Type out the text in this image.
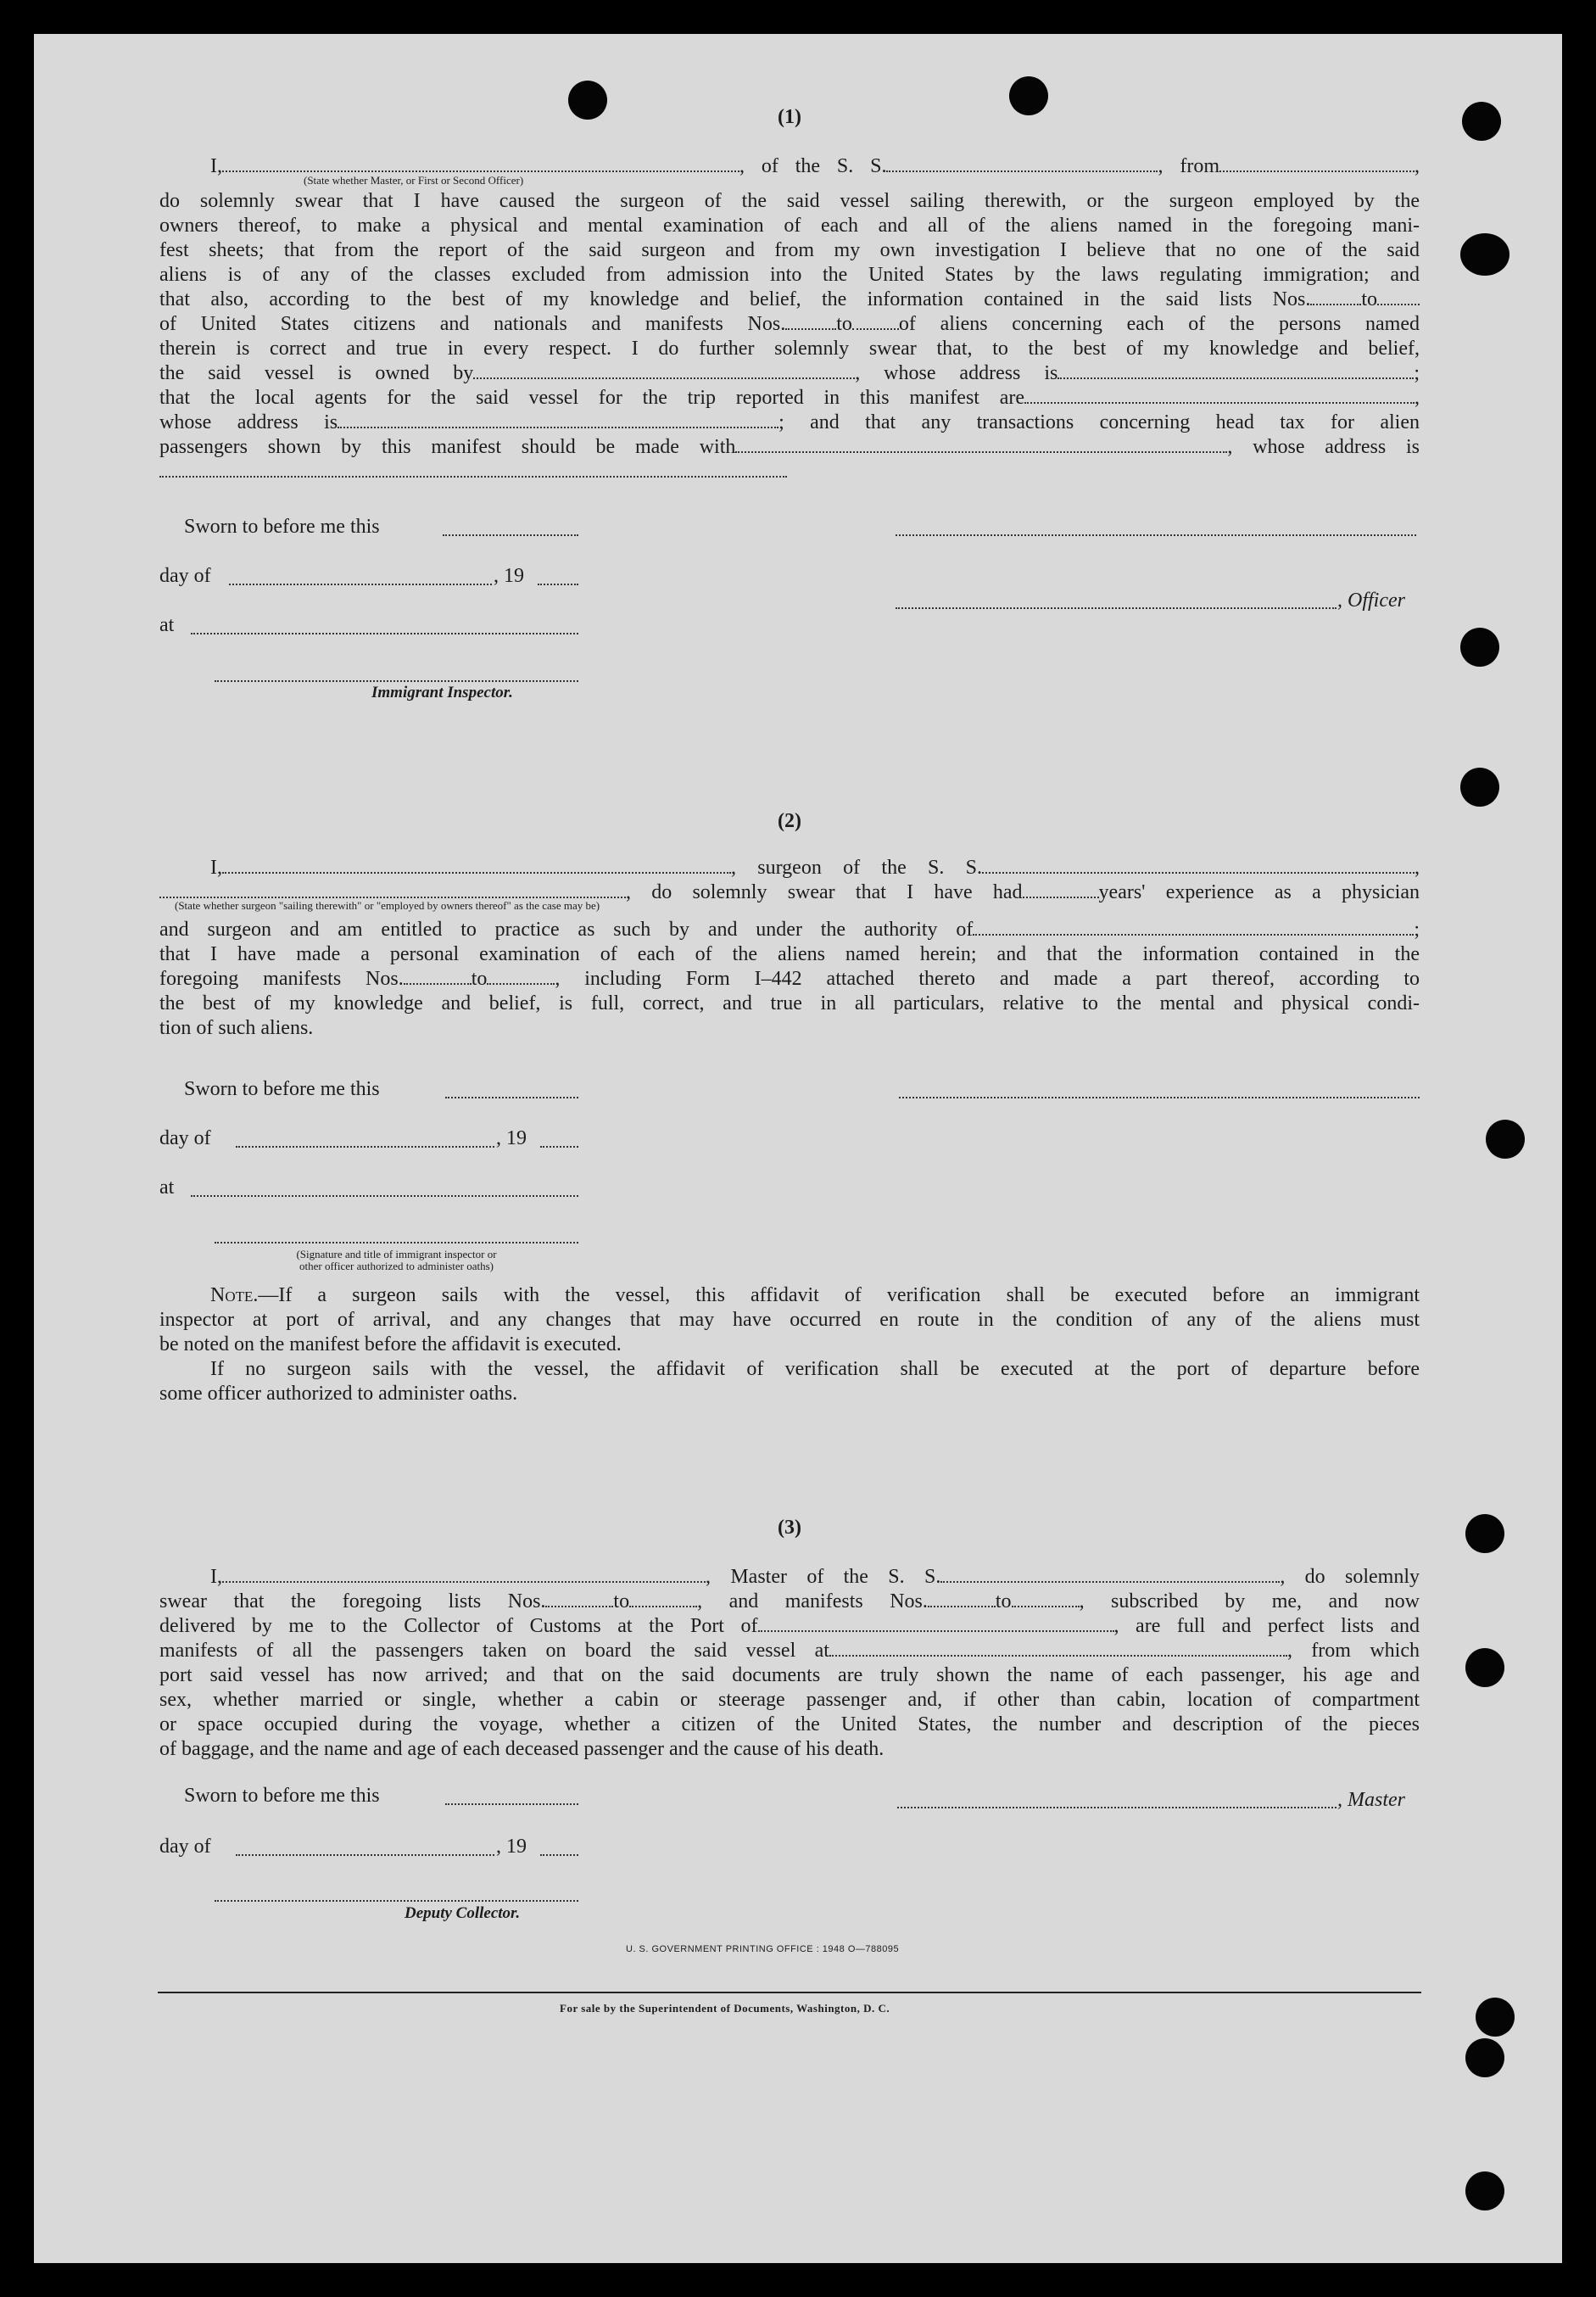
(1)

I,	, of the S. S.	, from	,

(State whether Master, or First or Second Officer)

do solemnly swear that I have caused the surgeon of the said vessel sailing therewith, or the surgeon employed by the

owners thereof, to make a physical and mental examination of each and all of the aliens named in the foregoing mani-

fest sheets; that from the report of the said surgeon and from my own investigation I believe that no one of the said

aliens is of any of the classes excluded from admission into the United States by the laws regulating immigration; and

that also, according to the best of my knowledge and belief, the information contained in the said lists Nos.	to

of United States citizens and nationals and manifests Nos.	to of aliens concerning each of the persons named

therein is correct and true in every respect. I do further solemnly swear that, to the best of my knowledge and belief,

the said vessel is owned by	, whose address is	;

that the local agents for the said vessel for the trip reported in this manifest are	,

whose address is	; and that any transactions concerning head tax for alien

passengers shown by this manifest should be made with	, whose address is

Sworn to before me this
day of	, 19
at
Immigrant Inspector.
, Officer
(2)

I,	, surgeon of the S. S.	,

, do solemnly swear that I have had	years' experience as a physician

(State whether surgeon "sailing therewith" or "employed by owners thereof" as the case may be)

and surgeon and am entitled to practice as such by and under the authority of	;

that I have made a personal examination of each of the aliens named herein; and that the information contained in the

foregoing manifests Nos.	to	, including Form I–442 attached thereto and made a part thereof, according to

the best of my knowledge and belief, is full, correct, and true in all particulars, relative to the mental and physical condi-

tion of such aliens.

Sworn to before me this
day of	, 19
at
(Signature and title of immigrant inspector or
other officer authorized to administer oaths)

Note.—If a surgeon sails with the vessel, this affidavit of verification shall be executed before an immigrant

inspector at port of arrival, and any changes that may have occurred en route in the condition of any of the aliens must

be noted on the manifest before the affidavit is executed.

If no surgeon sails with the vessel, the affidavit of verification shall be executed at the port of departure before

some officer authorized to administer oaths.

(3)

I,	, Master of the S. S.	, do solemnly

swear that the foregoing lists Nos.	to	, and manifests Nos.	to	, subscribed by me, and now

delivered by me to the Collector of Customs at the Port of	, are full and perfect lists and

manifests of all the passengers taken on board the said vessel at	, from which

port said vessel has now arrived; and that on the said documents are truly shown the name of each passenger, his age and

sex, whether married or single, whether a cabin or steerage passenger and, if other than cabin, location of compartment

or space occupied during the voyage, whether a citizen of the United States, the number and description of the pieces

of baggage, and the name and age of each deceased passenger and the cause of his death.

Sworn to before me this
day of	, 19
Deputy Collector.
, Master
U. S. GOVERNMENT PRINTING OFFICE : 1948 O—788095
For sale by the Superintendent of Documents, Washington, D. C.
